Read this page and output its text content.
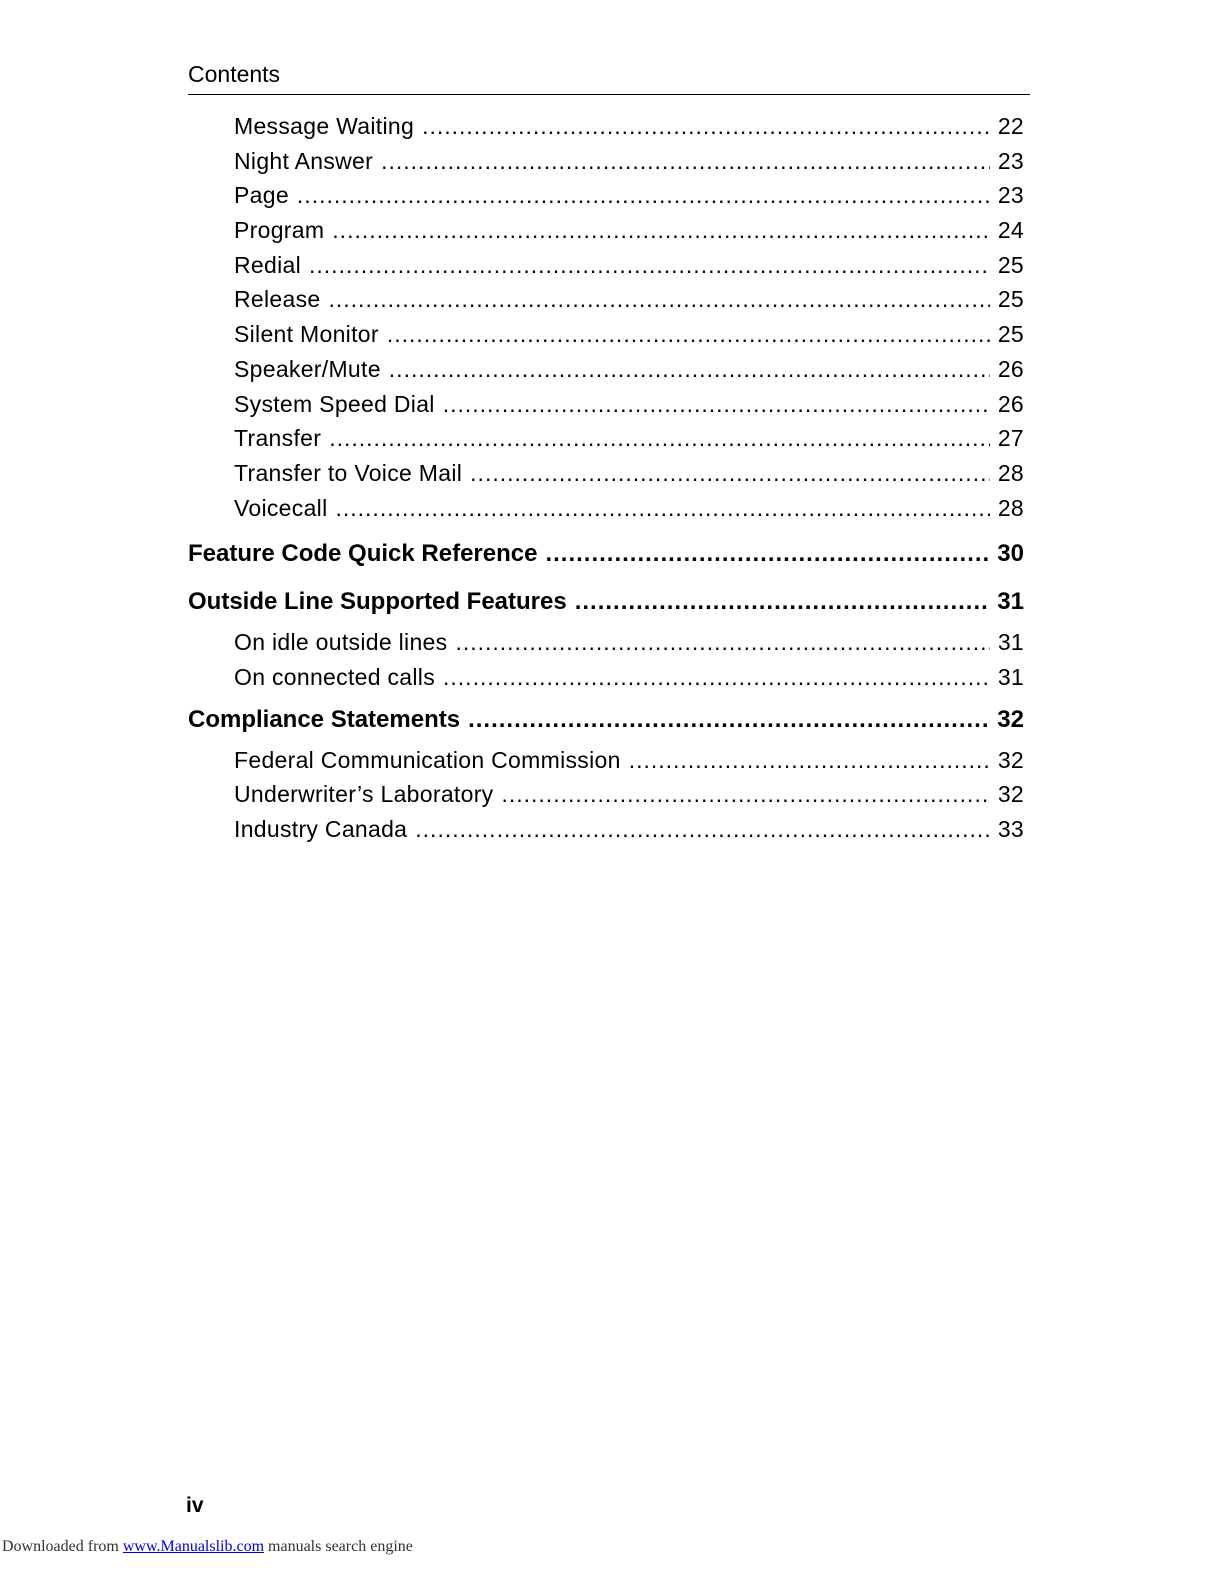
Contents
Message Waiting .....	22
Night Answer .....	23
Page .....	23
Program .....	24
Redial .....	25
Release .....	25
Silent Monitor .....	25
Speaker/Mute .....	26
System Speed Dial .....	26
Transfer .....	27
Transfer to Voice Mail .....	28
Voicecall .....	28
Feature Code Quick Reference .....	30
Outside Line Supported Features .....	31
On idle outside lines .....	31
On connected calls .....	31
Compliance Statements .....	32
Federal Communication Commission .....	32
Underwriter’s Laboratory .....	32
Industry Canada .....	33
iv
Downloaded from www.Manualslib.com manuals search engine
